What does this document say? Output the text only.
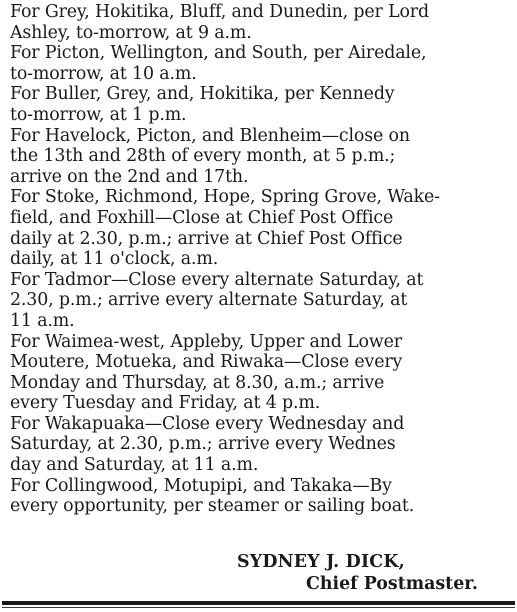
For Grey, Hokitika, Bluff, and Dunedin, per Lord
Ashley, to-morrow, at 9 a.m.

For Picton, Wellington, and South, per Airedale,
to-morrow, at 10 a.m.

For Buller, Grey, and, Hokitika, per Kennedy
to-morrow, at 1 p.m.

For Havelock, Picton, and Blenheim—close on
the 13th and 28th of every month, at 5 p.m.;
arrive on the 2nd and 17th.

For Stoke, Richmond, Hope, Spring Grove, Wake-
field, and Foxhill—Close at Chief Post Office
daily at 2.30, p.m.; arrive at Chief Post Office
daily, at 11 o'clock, a.m.

For Tadmor—Close every alternate Saturday, at
2.30, p.m.; arrive every alternate Saturday, at
11 a.m.

For Waimea-west, Appleby, Upper and Lower
Moutere, Motueka, and Riwaka—Close every
Monday and Thursday, at 8.30, a.m.; arrive
every Tuesday and Friday, at 4 p.m.

For Wakapuaka—Close every Wednesday and
Saturday, at 2.30, p.m.; arrive every Wednes
day and Saturday, at 11 a.m.

For Collingwood, Motupipi, and Takaka—By
every opportunity, per steamer or sailing boat.

SYDNEY J. DICK,
Chief Postmaster.
